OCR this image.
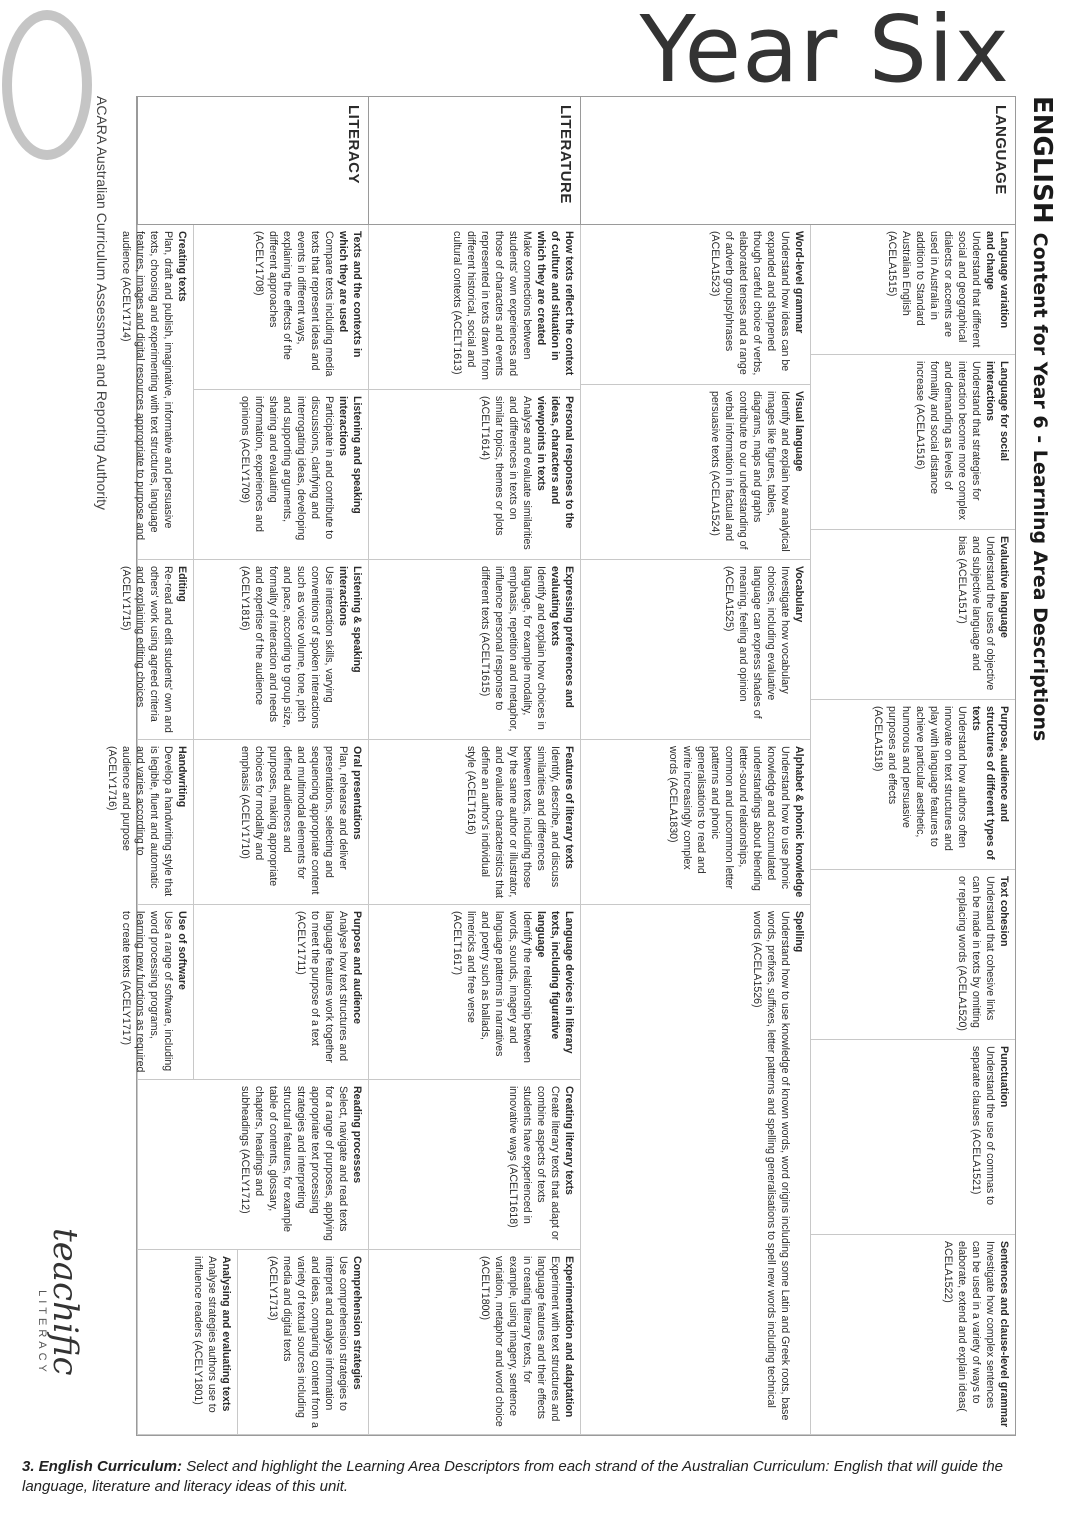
Year Six
ENGLISH Content for Year 6 - Learning Area Descriptions
LANGUAGE
LITERATURE
LITERACY
Language variation and change
Understand that different social and geographical dialects or accents are used in Australia in addition to Standard Australian English (ACELA1515)
Language for social interactions
Understand that strategies for interaction become more complex and demanding as levels of formality and social distance increase (ACELA1516)
Evaluative language
Understand the uses of objective and subjective language and bias (ACELA1517)
Purpose, audience and structures of different types of texts
Understand how authors often innovate on text structures and play with language features to achieve particular aesthetic, humorous and persuasive purposes and effects (ACELA1518)
Text cohesion
Understand that cohesive links can be made in texts by omitting or replacing words (ACELA1520)
Punctuation
Understand the use of commas to separate clauses (ACELA1521)
Sentences and clause-level grammar
Investigate how complex sentences can be used in a variety of ways to elaborate, extend and explain ideas( ACELA1522)
Word-level grammar
Understand how ideas can be expanded and sharpened though careful choice of verbs, elaborated tenses and a range of adverb groups/phrases (ACELA1523)
Visual language
Identify and explain how analytical images like figures, tables, diagrams, maps and graphs contribute to our understanding of verbal information in factual and persuasive texts (ACELA1524)
Vocabulary
Investigate how vocabulary choices, including evaluative language can express shades of meaning, feeling and opinion (ACELA1525)
Alphabet & phonic knowledge
Understand how to use phonic knowledge and accumulated understandings about blending letter-sound relationships, common and uncommon letter patterns and phonic generalisations to read and write increasingly complex words (ACELA1830)
Spelling
Understand how to use knowledge of known words, word origins including some Latin and Greek roots, base words, prefixes, suffixes, letter patterns and spelling generalisations to spell new words including technical words (ACELA1526)
How texts reflect the context of culture and situation in which they are created
Make connections between students' own experiences and those of characters and events represented in texts drawn from different historical, social and cultural contexts (ACELT1613)
Personal responses to the ideas, characters and viewpoints in texts
Analyse and evaluate similarities and differences in texts on similar topics, themes or plots (ACELT1614)
Expressing preferences and evaluating texts
Identify and explain how choices in language, for example modality, emphasis, repetition and metaphor, influence personal response to different texts (ACELT1615)
Features of literary texts
Identify, describe, and discuss similarities and differences between texts, including those by the same author or illustrator, and evaluate characteristics that define an author's individual style (ACELT1616)
Language devices in literary texts, including figurative language
Identify the relationship between words, sounds, imagery and language patterns in narratives and poetry such as ballads, limericks and free verse (ACELT1617)
Creating literary texts
Create literary texts that adapt or combine aspects of texts students have experienced in innovative ways (ACELT1618)
Experimentation and adaptation
Experiment with text structures and language features and their effects in creating literary texts, for example, using imagery, sentence variation, metaphor and word choice (ACELT1800)
Texts and the contexts in which they are used
Compare texts including media texts that represent ideas and events in different ways, explaining the effects of the different approaches (ACELY1708)
Listening and speaking interactions
Participate in and contribute to discussions, clarifying and interrogating ideas, developing and supporting arguments, sharing and evaluating information, experiences and opinions (ACELY1709)
Listening & speaking interactions
Use interaction skills, varying conventions of spoken interactions such as voice volume, tone, pitch and pace, according to group size, formality of interaction and needs and expertise of the audience (ACELY1816)
Oral presentations
Plan, rehearse and deliver presentations, selecting and sequencing appropriate content and multimodal elements for defined audiences and purposes, making appropriate choices for modality and emphasis (ACELY1710)
Purpose and audience
Analyse how text structures and language features work together to meet the purpose of a text (ACELY1711)
Reading processes
Select, navigate and read texts for a range of purposes, applying appropriate text processing strategies and interpreting structural features, for example table of contents, glossary, chapters, headings and subheadings (ACELY1712)
Comprehension strategies
Use comprehension strategies to interpret and analyse information and ideas, comparing content from a variety of textual sources including media and digital texts (ACELY1713)
Creating texts
Plan, draft and publish, imaginative, informative and persuasive texts, choosing and experimenting with text structures, language features, images and digital resources appropriate to purpose and audience (ACELY1714)
Editing
Re-read and edit students' own and others' work using agreed criteria and explaining editing choices (ACELY1715)
Handwriting
Develop a handwriting style that is legible, fluent and automatic and varies according to audience and purpose (ACELY1716)
Use of software
Use a range of software, including word processing programs, learning new functions as required to create texts (ACELY1717)
Analysing and evaluating texts
Analyse strategies authors use to influence readers (ACELY1801)
ACARA Australian Curriculum Assessment and Reporting Authority
teachific
LITERACY
3. English Curriculum: Select and highlight the Learning Area Descriptors from each strand of the Australian Curriculum: English that will guide the language, literature and literacy ideas of this unit.
